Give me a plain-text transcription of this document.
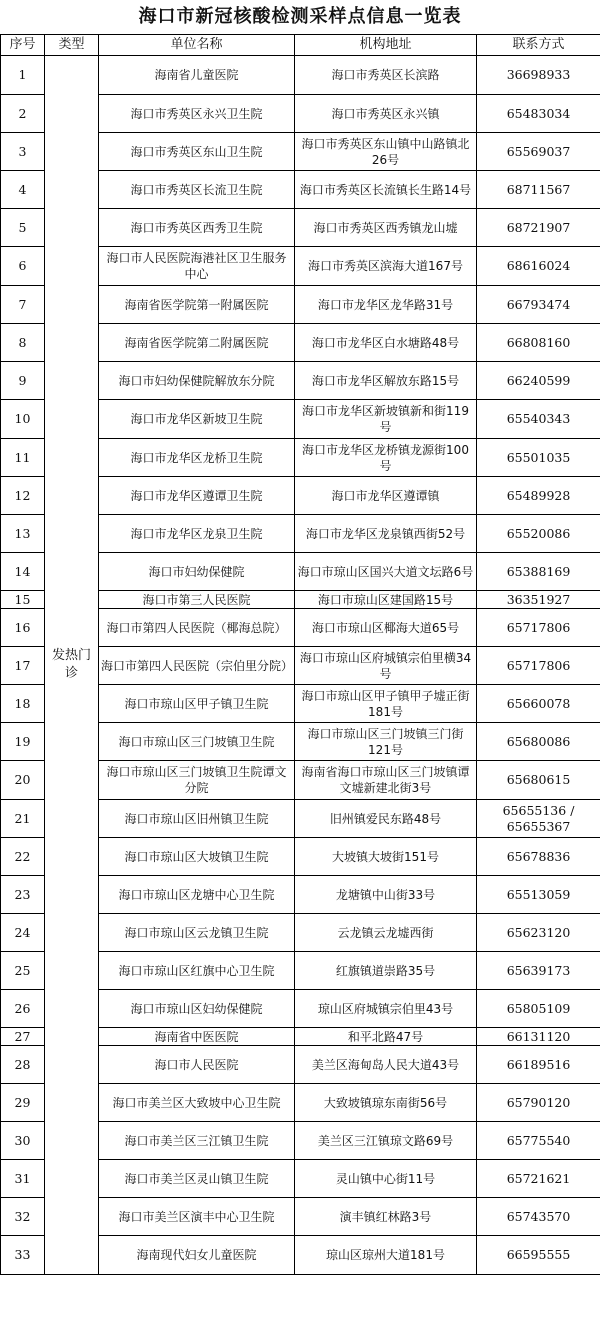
海口市新冠核酸检测采样点信息一览表
序号	类型	单位名称	机构地址	联系方式
1	发热门诊	海南省儿童医院	海口市秀英区长滨路	36698933
2		海口市秀英区永兴卫生院	海口市秀英区永兴镇	65483034
3		海口市秀英区东山卫生院	海口市秀英区东山镇中山路镇北26号	65569037
4		海口市秀英区长流卫生院	海口市秀英区长流镇长生路14号	68711567
5		海口市秀英区西秀卫生院	海口市秀英区西秀镇龙山墟	68721907
6		海口市人民医院海港社区卫生服务中心	海口市秀英区滨海大道167号	68616024
7		海南省医学院第一附属医院	海口市龙华区龙华路31号	66793474
8		海南省医学院第二附属医院	海口市龙华区白水塘路48号	66808160
9		海口市妇幼保健院解放东分院	海口市龙华区解放东路15号	66240599
10		海口市龙华区新坡卫生院	海口市龙华区新坡镇新和街119号	65540343
11		海口市龙华区龙桥卫生院	海口市龙华区龙桥镇龙源街100号	65501035
12		海口市龙华区遵谭卫生院	海口市龙华区遵谭镇	65489928
13		海口市龙华区龙泉卫生院	海口市龙华区龙泉镇西街52号	65520086
14		海口市妇幼保健院	海口市琼山区国兴大道文坛路6号	65388169
15		海口市第三人民医院	海口市琼山区建国路15号	36351927
16		海口市第四人民医院（椰海总院）	海口市琼山区椰海大道65号	65717806
17		海口市第四人民医院（宗伯里分院）	海口市琼山区府城镇宗伯里横34号	65717806
18		海口市琼山区甲子镇卫生院	海口市琼山区甲子镇甲子墟正街181号	65660078
19		海口市琼山区三门坡镇卫生院	海口市琼山区三门坡镇三门街121号	65680086
20		海口市琼山区三门坡镇卫生院谭文分院	海南省海口市琼山区三门坡镇谭文墟新建北街3号	65680615
21		海口市琼山区旧州镇卫生院	旧州镇爱民东路48号	65655136 / 65655367
22		海口市琼山区大坡镇卫生院	大坡镇大坡街151号	65678836
23		海口市琼山区龙塘中心卫生院	龙塘镇中山街33号	65513059
24		海口市琼山区云龙镇卫生院	云龙镇云龙墟西街	65623120
25		海口市琼山区红旗中心卫生院	红旗镇道崇路35号	65639173
26		海口市琼山区妇幼保健院	琼山区府城镇宗伯里43号	65805109
27		海南省中医医院	和平北路47号	66131120
28		海口市人民医院	美兰区海甸岛人民大道43号	66189516
29		海口市美兰区大致坡中心卫生院	大致坡镇琼东南街56号	65790120
30		海口市美兰区三江镇卫生院	美兰区三江镇琼文路69号	65775540
31		海口市美兰区灵山镇卫生院	灵山镇中心街11号	65721621
32		海口市美兰区演丰中心卫生院	演丰镇红林路3号	65743570
33		海南现代妇女儿童医院	琼山区琼州大道181号	66595555
